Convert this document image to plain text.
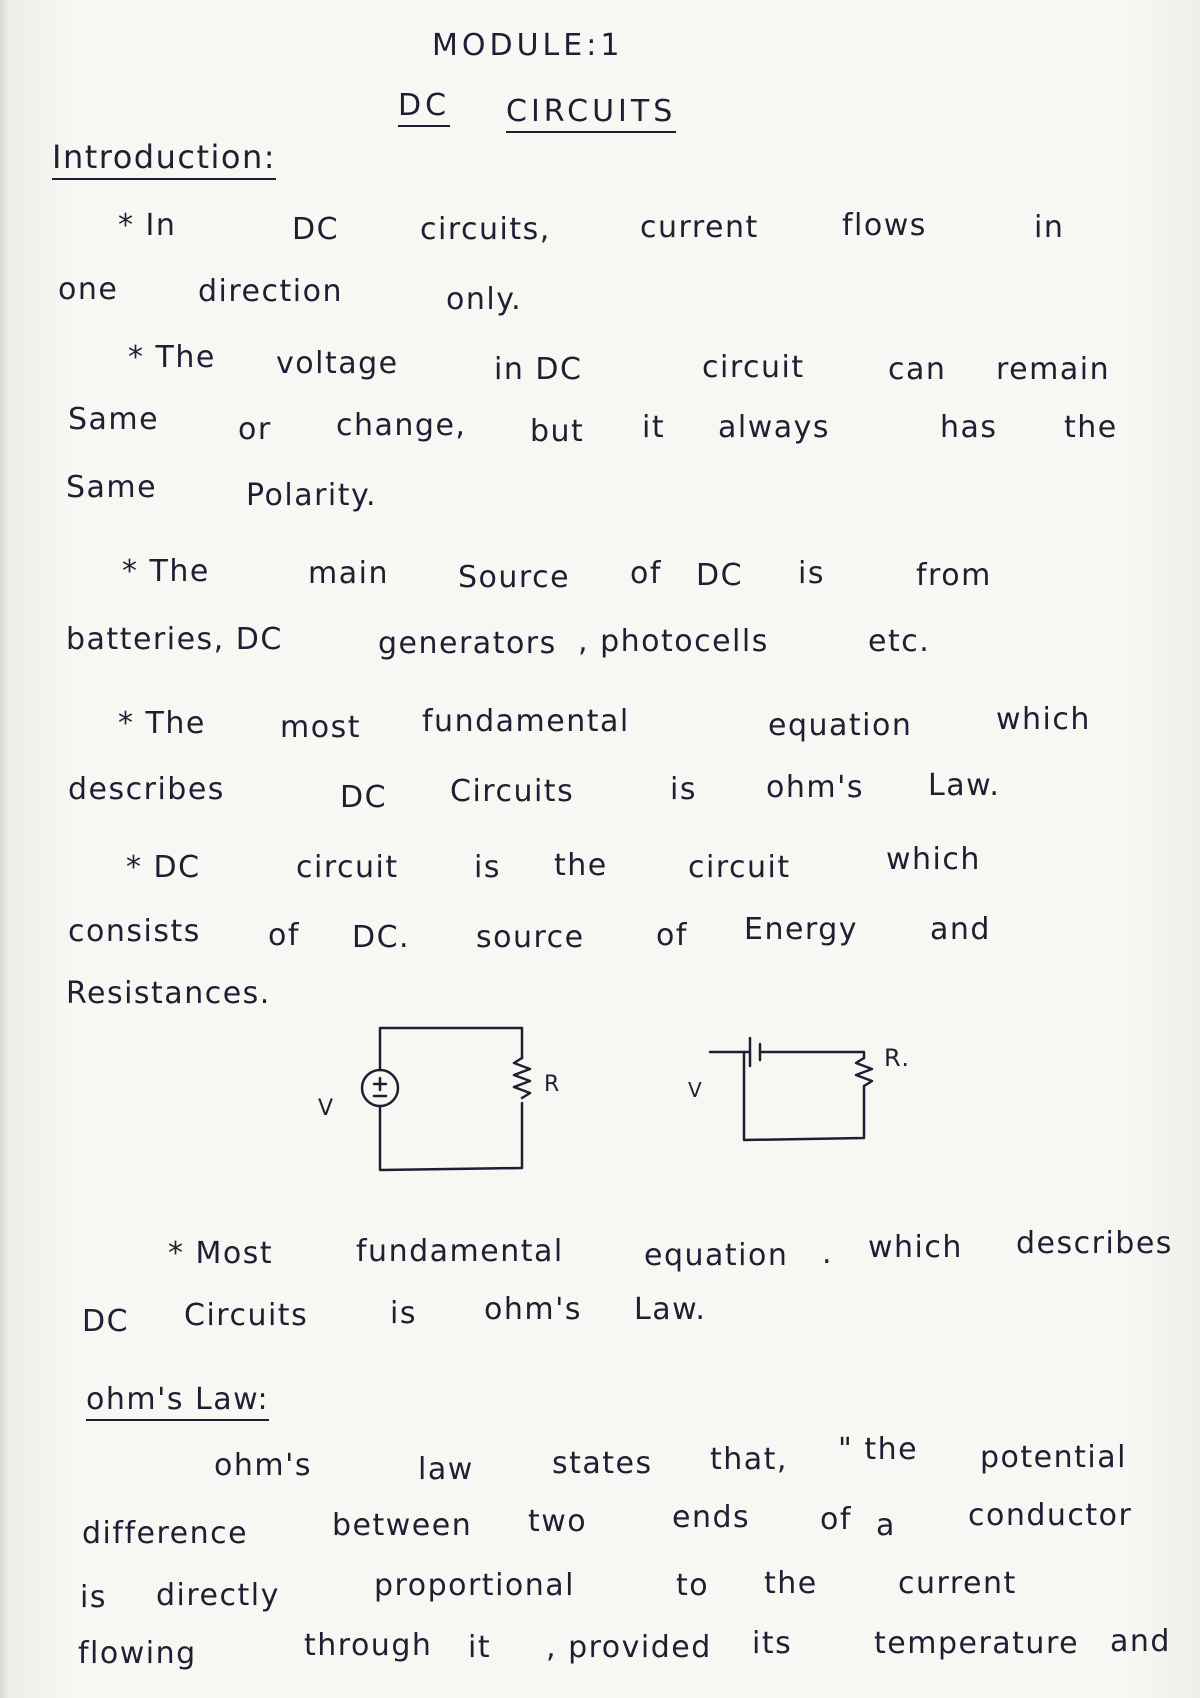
MODULE:1
DC CIRCUITS
Introduction:
* In	DC	circuits,	current	flows	in
one	direction	only.
* The voltage	in DC	circuit	can remain
Same	or change, but it always	has the
Same	Polarity.
* The	main Source of DC is	from
batteries, DC	generators , photocells	etc.
* The most fundamental	equation	which
describes	DC Circuits	is ohm's Law.
* DC	circuit	is the	circuit	which
consists of DC. source of Energy and
Resistances.
V
R	V
R.
* Most	fundamental	equation . which describes
DC Circuits	is ohm's Law.
ohm's Law:
ohm's	law	states that, " the potential
difference	between two	ends of a conductor
is directly	proportional	to the	current
flowing	through it , provided its	temperature and
